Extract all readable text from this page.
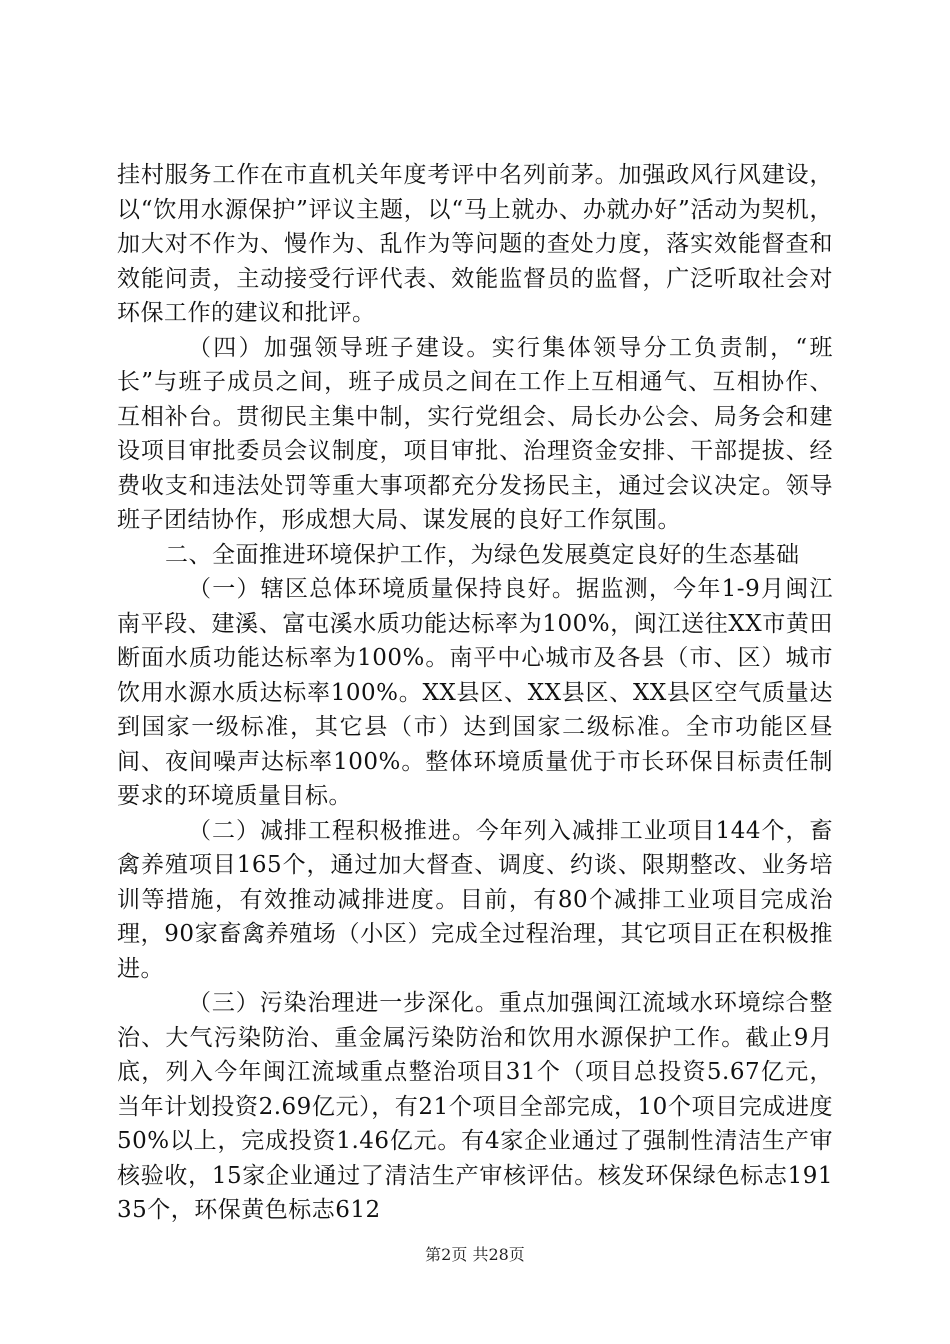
挂村服务工作在市直机关年度考评中名列前茅。加强政风行风建设，以“饮用水源保护”评议主题，以“马上就办、办就办好”活动为契机，加大对不作为、慢作为、乱作为等问题的查处力度，落实效能督查和效能问责，主动接受行评代表、效能监督员的监督，广泛听取社会对环保工作的建议和批评。

（四）加强领导班子建设。实行集体领导分工负责制，“班长”与班子成员之间，班子成员之间在工作上互相通气、互相协作、互相补台。贯彻民主集中制，实行党组会、局长办公会、局务会和建设项目审批委员会议制度，项目审批、治理资金安排、干部提拔、经费收支和违法处罚等重大事项都充分发扬民主，通过会议决定。领导班子团结协作，形成想大局、谋发展的良好工作氛围。

二、全面推进环境保护工作，为绿色发展奠定良好的生态基础

（一）辖区总体环境质量保持良好。据监测，今年1-9月闽江南平段、建溪、富屯溪水质功能达标率为100%，闽江送往XX市黄田断面水质功能达标率为100%。南平中心城市及各县（市、区）城市饮用水源水质达标率100%。XX县区、XX县区、XX县区空气质量达到国家一级标准，其它县（市）达到国家二级标准。全市功能区昼间、夜间噪声达标率100%。整体环境质量优于市长环保目标责任制要求的环境质量目标。

（二）减排工程积极推进。今年列入减排工业项目144个，畜禽养殖项目165个，通过加大督查、调度、约谈、限期整改、业务培训等措施，有效推动减排进度。目前，有80个减排工业项目完成治理，90家畜禽养殖场（小区）完成全过程治理，其它项目正在积极推进。

（三）污染治理进一步深化。重点加强闽江流域水环境综合整治、大气污染防治、重金属污染防治和饮用水源保护工作。截止9月底，列入今年闽江流域重点整治项目31个（项目总投资5.67亿元，当年计划投资2.69亿元），有21个项目全部完成，10个项目完成进度50%以上，完成投资1.46亿元。有4家企业通过了强制性清洁生产审核验收，15家企业通过了清洁生产审核评估。核发环保绿色标志19135个，环保黄色标志612

第2页 共28页
